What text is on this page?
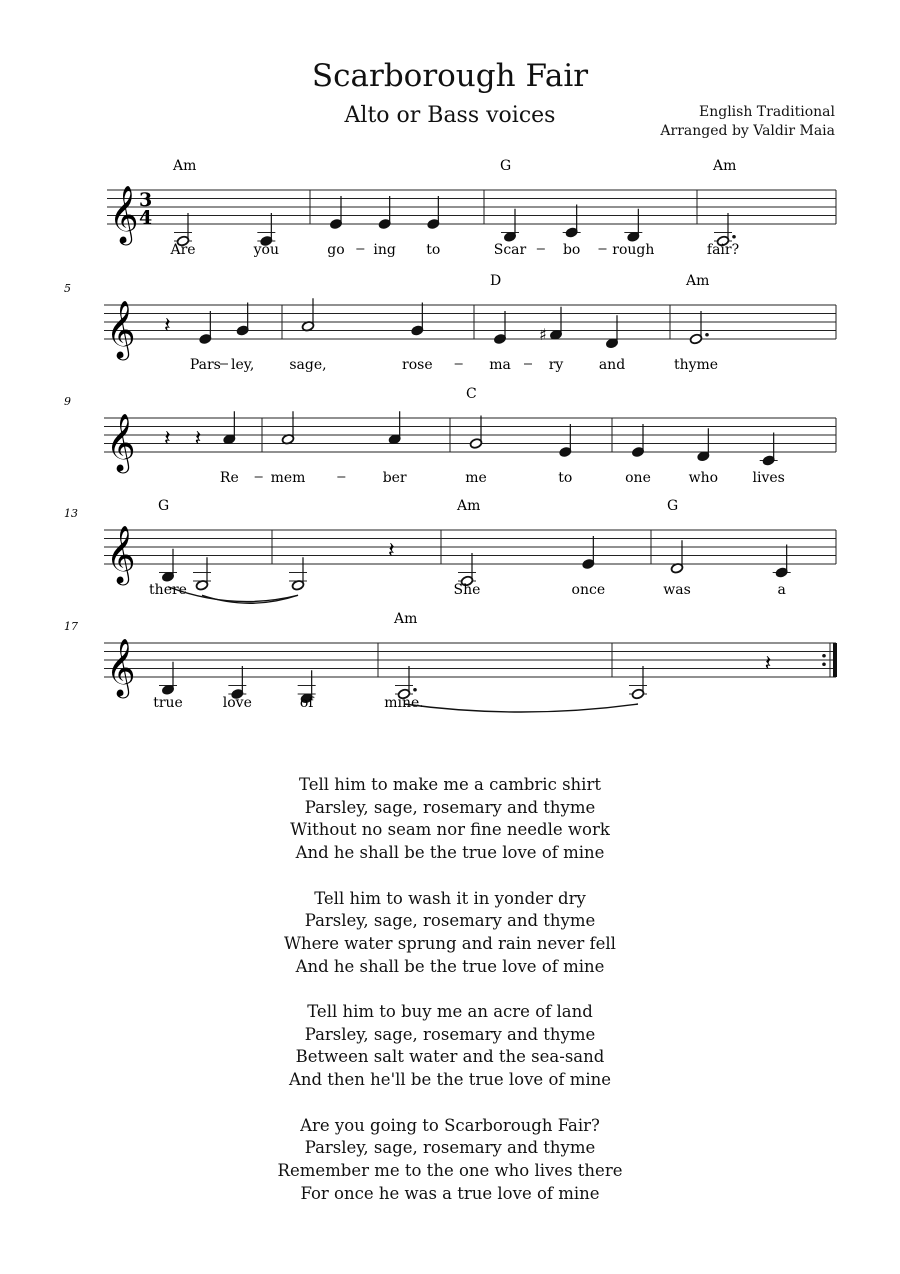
Scarborough Fair
Alto or Bass voices	English Traditional
Arranged by Valdir Maia
𝄞 3
4
Am	G	Am
Are	you	go ing to	Scar	bo rough	fair?
𝄞
5	D	Am
𝄽
Pars ley,	sage,	rose	ma
♯
ry	and	thyme
𝄞
9	C
𝄽 𝄽
Re mem	ber	me	to	one	who lives
𝄞
13	G	Am	G
there
𝄽
She	once	was	a
𝄞
17	Am
true	love	of	mine.
𝄽
Tell him to make me a cambric shirt
Parsley, sage, rosemary and thyme
Without no seam nor fine needle work
And he shall be the true love of mine
Tell him to wash it in yonder dry
Parsley, sage, rosemary and thyme
Where water sprung and rain never fell
And he shall be the true love of mine
Tell him to buy me an acre of land
Parsley, sage, rosemary and thyme
Between salt water and the sea-sand
And then he'll be the true love of mine
Are you going to Scarborough Fair?
Parsley, sage, rosemary and thyme
Remember me to the one who lives there
For once he was a true love of mine
